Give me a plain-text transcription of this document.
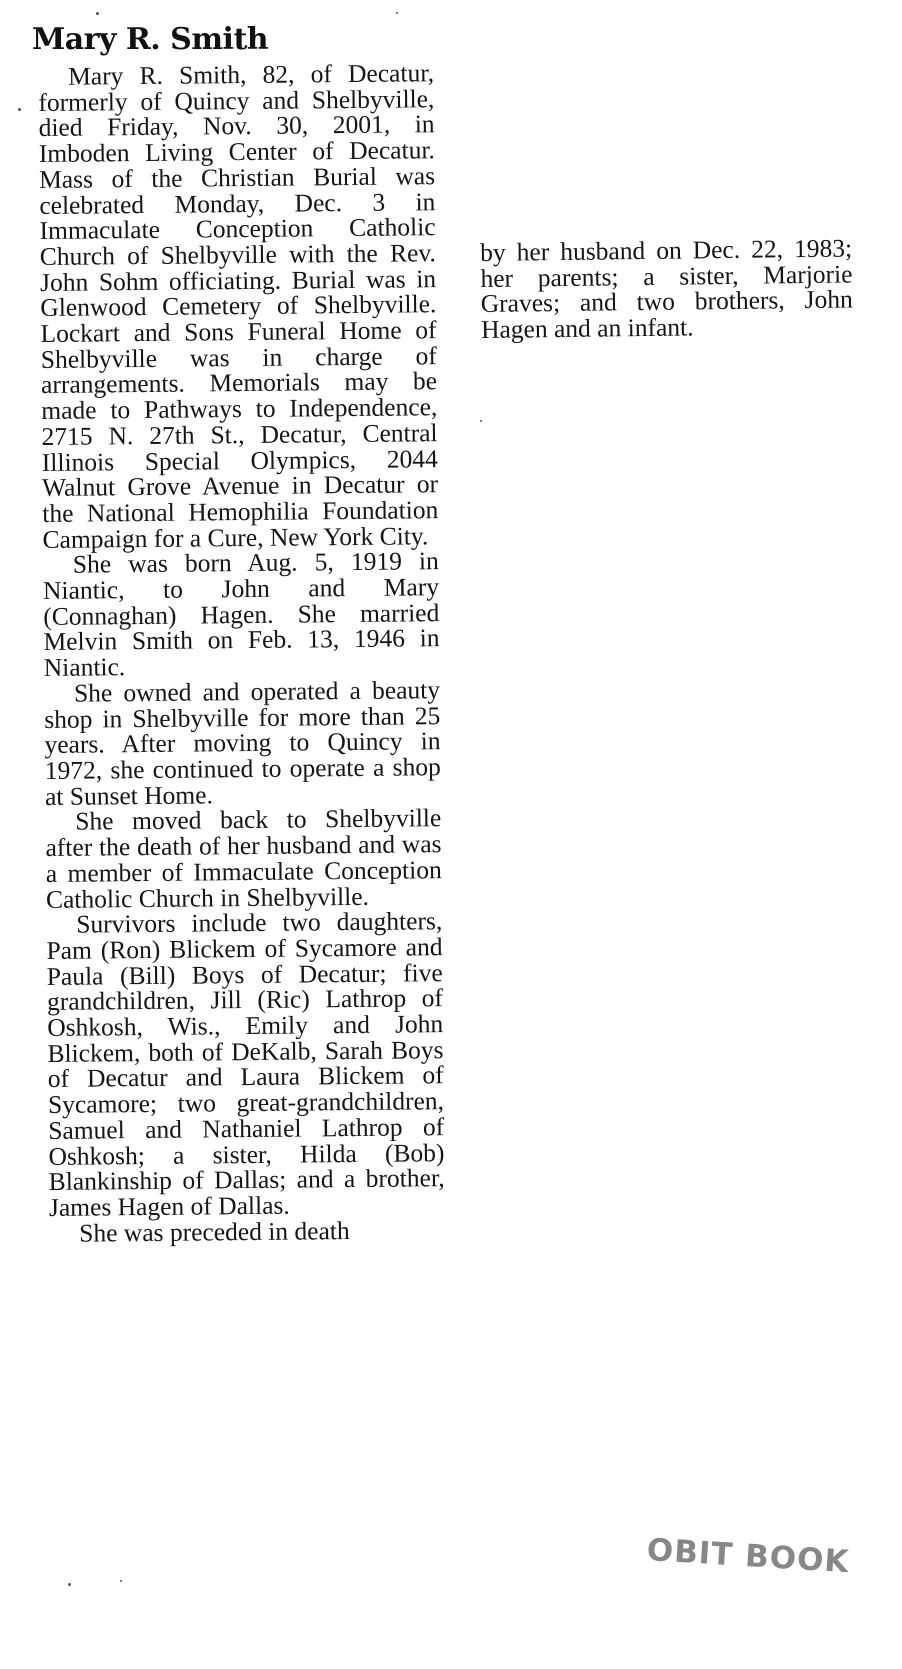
Mary R. Smith

Mary R. Smith, 82, of Decatur, formerly of Quincy and Shelbyville, died Friday, Nov. 30, 2001, in Imboden Living Center of Decatur. Mass of the Christian Burial was celebrated Monday, Dec. 3 in Immaculate Conception Catholic Church of Shelbyville with the Rev. John Sohm officiating. Burial was in Glenwood Cemetery of Shelbyville. Lockart and Sons Funeral Home of Shelbyville was in charge of arrangements. Memorials may be made to Pathways to Independence, 2715 N. 27th St., Decatur, Central Illinois Special Olympics, 2044 Walnut Grove Avenue in Decatur or the National Hemophilia Foundation Campaign for a Cure, New York City.

She was born Aug. 5, 1919 in Niantic, to John and Mary (Connaghan) Hagen. She married Melvin Smith on Feb. 13, 1946 in Niantic.

She owned and operated a beauty shop in Shelbyville for more than 25 years. After moving to Quincy in 1972, she continued to operate a shop at Sunset Home.

She moved back to Shelbyville after the death of her husband and was a member of Immaculate Conception Catholic Church in Shelbyville.

Survivors include two daughters, Pam (Ron) Blickem of Sycamore and Paula (Bill) Boys of Decatur; five grandchildren, Jill (Ric) Lathrop of Oshkosh, Wis., Emily and John Blickem, both of DeKalb, Sarah Boys of Decatur and Laura Blickem of Sycamore; two great-grandchildren, Samuel and Nathaniel Lathrop of Oshkosh; a sister, Hilda (Bob) Blankinship of Dallas; and a brother, James Hagen of Dallas.

She was preceded in death

by her husband on Dec. 22, 1983; her parents; a sister, Marjorie Graves; and two brothers, John Hagen and an infant.

OBIT BOOK
